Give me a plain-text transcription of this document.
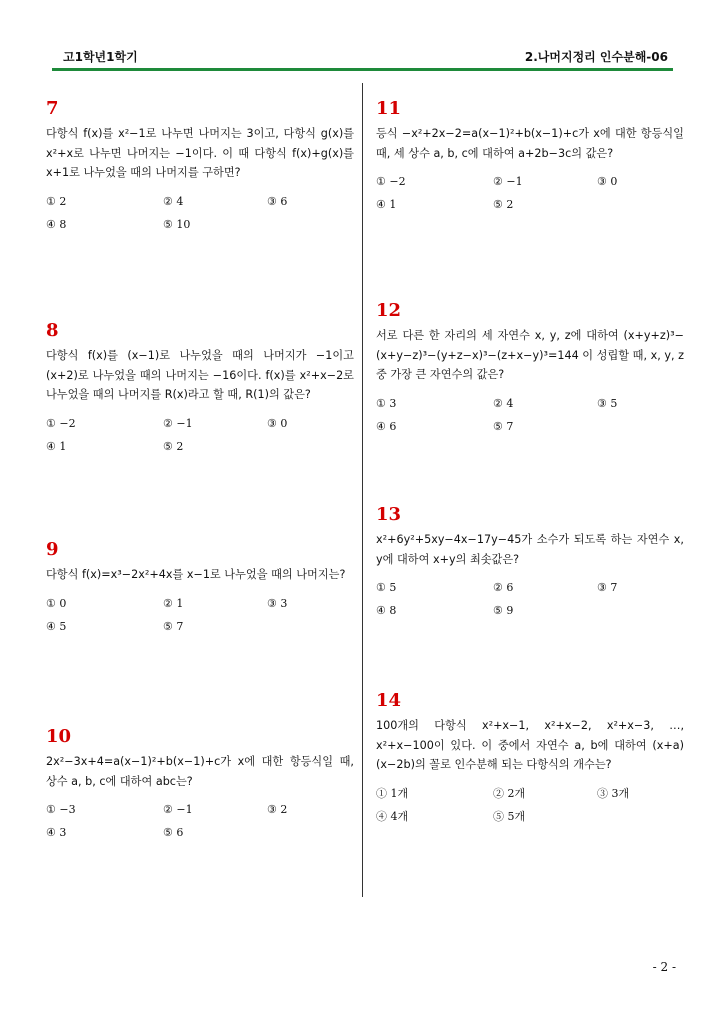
고1학년1학기	2.나머지정리 인수분해-06
7
다항식 f(x)를 x²−1로 나누면 나머지는 3이고, 다항식 g(x)를 x²+x로 나누면 나머지는 −1이다. 이 때 다항식 f(x)+g(x)를 x+1로 나누었을 때의 나머지를 구하면?
① 2	② 4	③ 6
④ 8	⑤ 10
8
다항식 f(x)를 (x−1)로 나누었을 때의 나머지가 −1이고 (x+2)로 나누었을 때의 나머지는 −16이다. f(x)를 x²+x−2로 나누었을 때의 나머지를 R(x)라고 할 때, R(1)의 값은?
① −2	② −1	③ 0
④ 1	⑤ 2
9
다항식 f(x)=x³−2x²+4x를 x−1로 나누었을 때의 나머지는?
① 0	② 1	③ 3
④ 5	⑤ 7
10
2x²−3x+4=a(x−1)²+b(x−1)+c가 x에 대한 항등식일 때, 상수 a, b, c에 대하여 abc는?
① −3	② −1	③ 2
④ 3	⑤ 6
11
등식 −x²+2x−2=a(x−1)²+b(x−1)+c가 x에 대한 항등식일 때, 세 상수 a, b, c에 대하여 a+2b−3c의 값은?
① −2	② −1	③ 0
④ 1	⑤ 2
12
서로 다른 한 자리의 세 자연수 x, y, z에 대하여 (x+y+z)³−(x+y−z)³−(y+z−x)³−(z+x−y)³=144 이 성립할 때, x, y, z 중 가장 큰 자연수의 값은?
① 3	② 4	③ 5
④ 6	⑤ 7
13
x²+6y²+5xy−4x−17y−45가 소수가 되도록 하는 자연수 x, y에 대하여 x+y의 최솟값은?
① 5	② 6	③ 7
④ 8	⑤ 9
14
100개의 다항식 x²+x−1, x²+x−2, x²+x−3, …, x²+x−100이 있다. 이 중에서 자연수 a, b에 대하여 (x+a)(x−2b)의 꼴로 인수분해 되는 다항식의 개수는?
① 1개	② 2개	③ 3개
④ 4개	⑤ 5개
- 2 -
